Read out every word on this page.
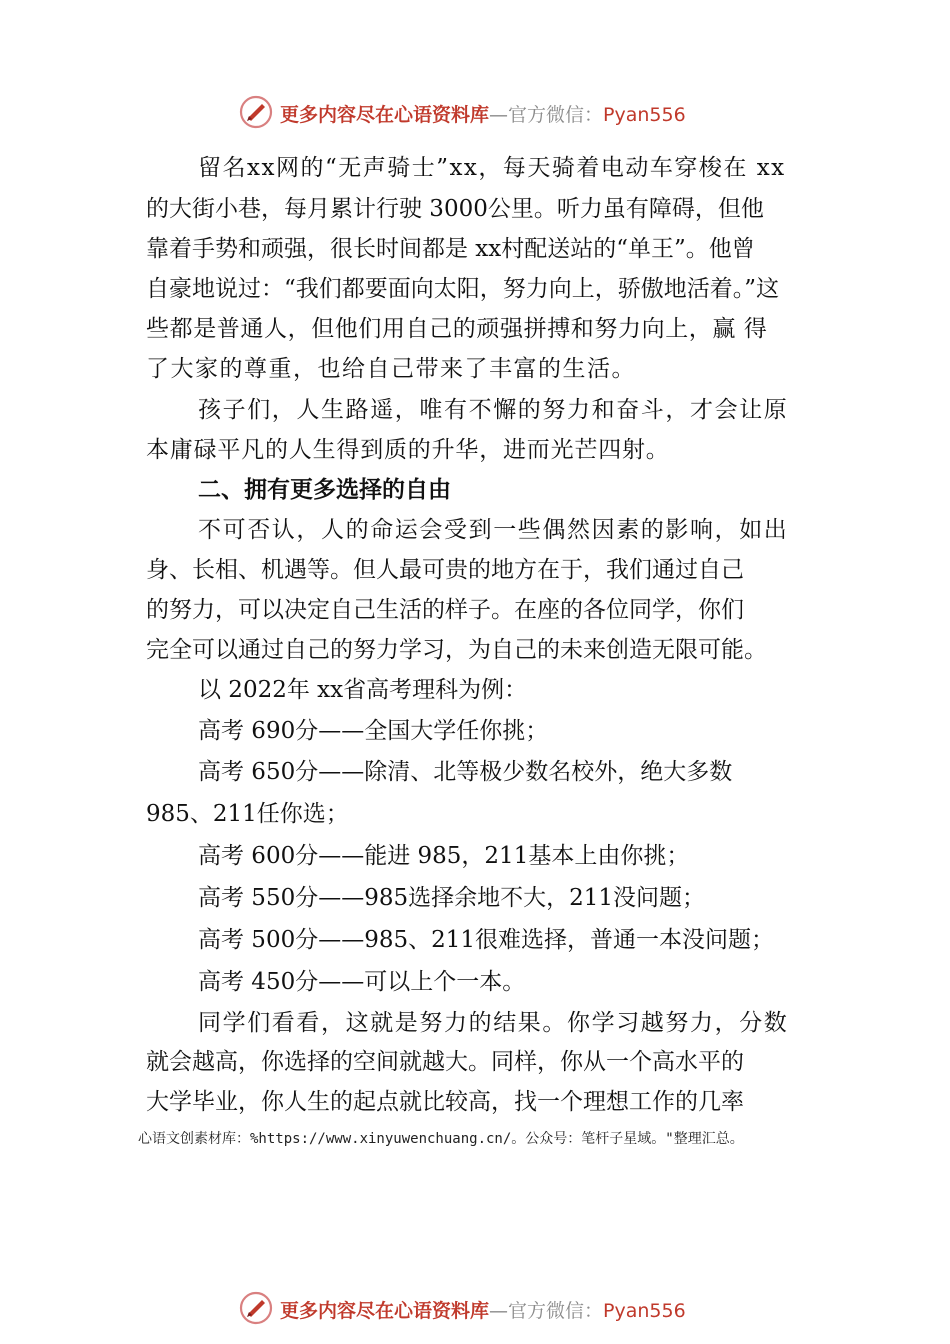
更多内容尽在心语资料库—官方微信：Pyan556
留名xx网的“无声骑士”xx，每天骑着电动车穿梭在 xx
的大街小巷，每月累计行驶 3000公里。听力虽有障碍，但他
靠着手势和顽强，很长时间都是 xx村配送站的“单王”。他曾
自豪地说过：“我们都要面向太阳，努力向上，骄傲地活着。”这
些都是普通人，但他们用自己的顽强拼搏和努力向上，赢 得
了大家的尊重，也给自己带来了丰富的生活。
孩子们，人生路遥，唯有不懈的努力和奋斗，才会让原
本庸碌平凡的人生得到质的升华，进而光芒四射。
二、拥有更多选择的自由
不可否认，人的命运会受到一些偶然因素的影响，如出
身、长相、机遇等。但人最可贵的地方在于，我们通过自己
的努力，可以决定自己生活的样子。在座的各位同学，你们
完全可以通过自己的努力学习，为自己的未来创造无限可能。
以 2022年 xx省高考理科为例：
高考 690分——全国大学任你挑；
高考 650分——除清、北等极少数名校外，绝大多数
985、211任你选；
高考 600分——能进 985，211基本上由你挑；
高考 550分——985选择余地不大，211没问题；
高考 500分——985、211很难选择，普通一本没问题；
高考 450分——可以上个一本。
同学们看看，这就是努力的结果。你学习越努力，分数
就会越高，你选择的空间就越大。同样，你从一个高水平的
大学毕业，你人生的起点就比较高，找一个理想工作的几率
心语文创素材库：%https://www.xinyuwenchuang.cn/。公众号：笔杆子星域。"整理汇总。
更多内容尽在心语资料库—官方微信：Pyan556
